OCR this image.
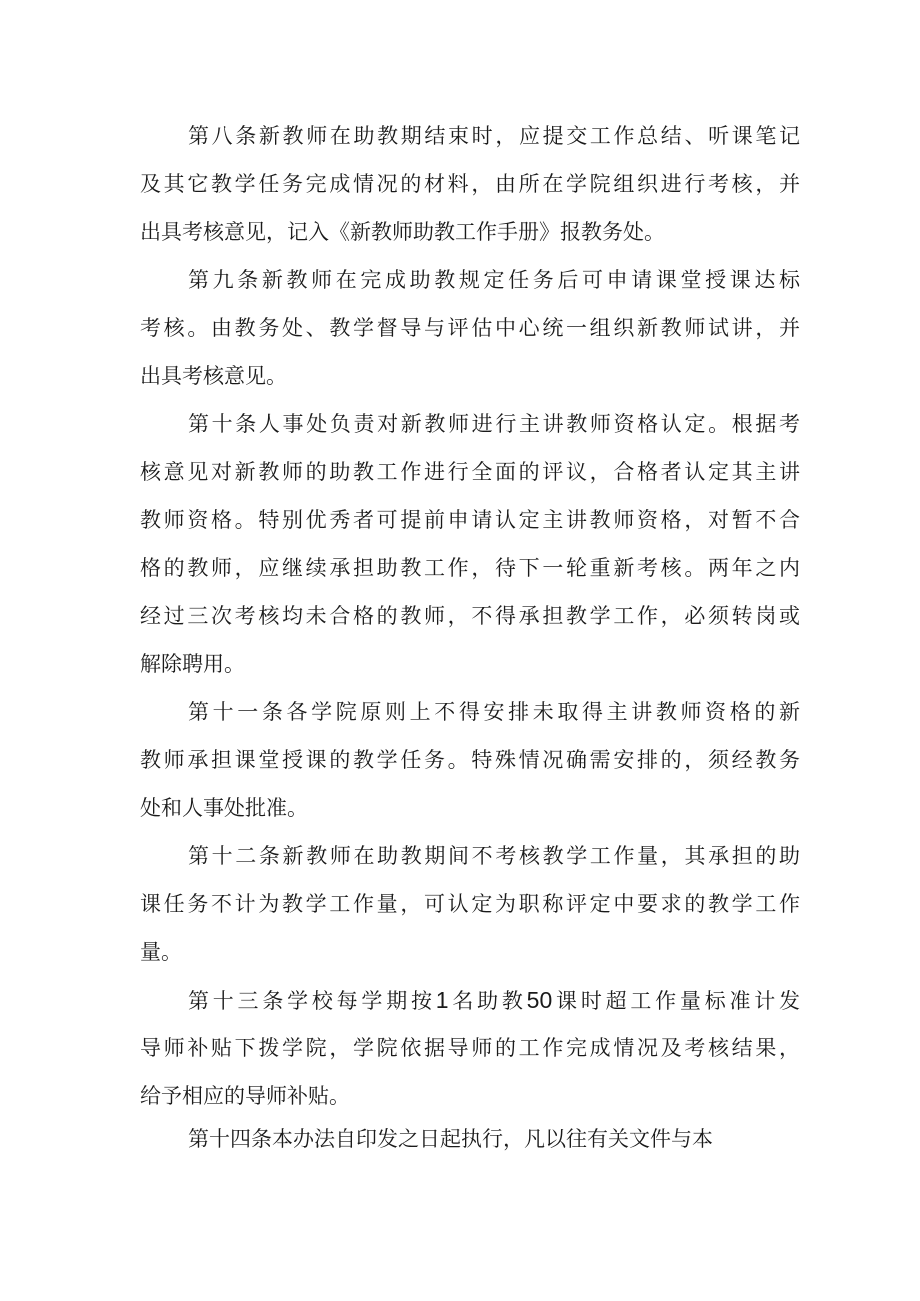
第八条新教师在助教期结束时，应提交工作总结、听课笔记
及其它教学任务完成情况的材料，由所在学院组织进行考核，并
出具考核意见，记入《新教师助教工作手册》报教务处。
第九条新教师在完成助教规定任务后可申请课堂授课达标
考核。由教务处、教学督导与评估中心统一组织新教师试讲，并
出具考核意见。
第十条人事处负责对新教师进行主讲教师资格认定。根据考
核意见对新教师的助教工作进行全面的评议，合格者认定其主讲
教师资格。特别优秀者可提前申请认定主讲教师资格，对暂不合
格的教师，应继续承担助教工作，待下一轮重新考核。两年之内
经过三次考核均未合格的教师，不得承担教学工作，必须转岗或
解除聘用。
第十一条各学院原则上不得安排未取得主讲教师资格的新
教师承担课堂授课的教学任务。特殊情况确需安排的，须经教务
处和人事处批准。
第十二条新教师在助教期间不考核教学工作量，其承担的助
课任务不计为教学工作量，可认定为职称评定中要求的教学工作
量。
第十三条学校每学期按1名助教50课时超工作量标准计发
导师补贴下拨学院，学院依据导师的工作完成情况及考核结果，
给予相应的导师补贴。
第十四条本办法自印发之日起执行，凡以往有关文件与本
